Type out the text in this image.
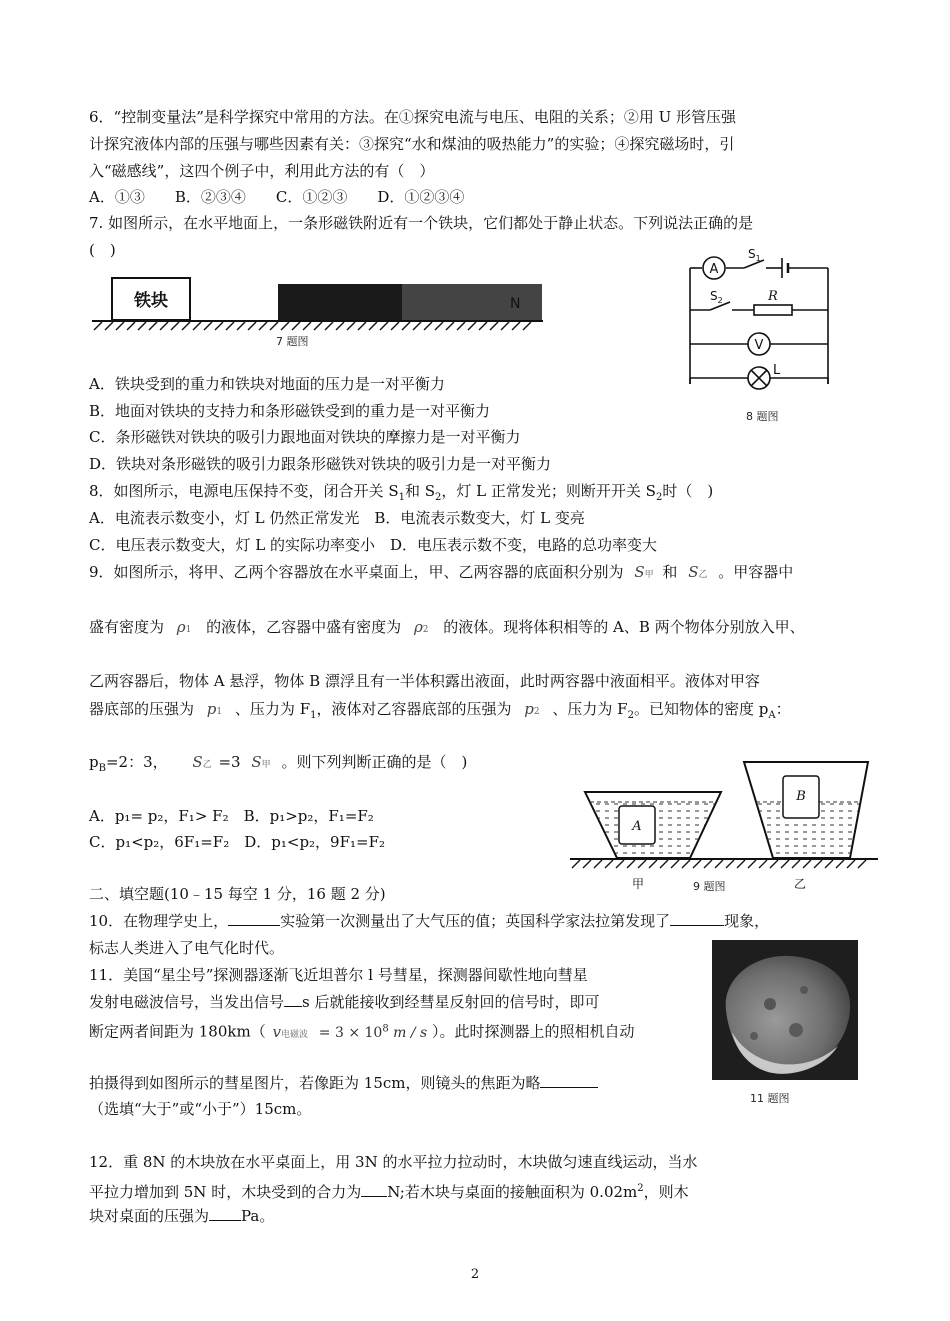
6．“控制变量法”是科学探究中常用的方法。在①探究电流与电压、电阻的关系；②用 U 形管压强
计探究液体内部的压强与哪些因素有关：③探究“水和煤油的吸热能力”的实验；④探究磁场时，引
入“磁感线”，这四个例子中，利用此方法的有（　）
A．①③　　B．②③④　　C．①②③　　D．①②③④
7. 如图所示，在水平地面上，一条形磁铁附近有一个铁块，它们都处于静止状态。下列说法正确的是
(　)
铁块	N
7 题图
A．铁块受到的重力和铁块对地面的压力是一对平衡力
B．地面对铁块的支持力和条形磁铁受到的重力是一对平衡力
C．条形磁铁对铁块的吸引力跟地面对铁块的摩擦力是一对平衡力
D．铁块对条形磁铁的吸引力跟条形磁铁对铁块的吸引力是一对平衡力
A
V
$S_1$
$S_2$	R
L
8 题图
8．如图所示，电源电压保持不变，闭合开关 $S_1$和 $S_2$，灯 L 正常发光；则断开开关 $S_2$时（　)
A．电流表示数变小，灯 L 仍然正常发光　B．电流表示数变大，灯 L 变亮
C．电压表示数变大，灯 L 的实际功率变小　D．电压表示数不变，电路的总功率变大
9．如图所示，将甲、乙两个容器放在水平桌面上，甲、乙两容器的底面积分别为 S甲 和 S乙 。甲容器中
盛有密度为 ρ1 的液体，乙容器中盛有密度为 ρ2 的液体。现将体积相等的 A、B 两个物体分别放入甲、
乙两容器后，物体 A 悬浮，物体 B 漂浮且有一半体积露出液面，此时两容器中液面相平。液体对甲容
器底部的压强为 p1 、压力为 $F_1$，液体对乙容器底部的压强为 p2 、压力为 $F_2$。已知物体的密度 $p_A$：
$p_B=2$：3， S乙 =3 S甲 。则下列判断正确的是（　)
A．p₁= p₂，F₁> F₂　B．p₁>p₂，F₁=F₂
C．p₁<p₂，6F₁=F₂　D．p₁<p₂，9F₁=F₂
A
B
甲	9 题图	乙
二、填空题(10﹣15 每空 1 分，16 题 2 分)
10．在物理学史上，	实验第一次测量出了大气压的值；英国科学家法拉第发现了	现象，
标志人类进入了电气化时代。
11 题图
11．美国“星尘号”探测器逐渐飞近坦普尔 l 号彗星，探测器间歇性地向彗星
发射电磁波信号，当发出信号 s 后就能接收到经彗星反射回的信号时，即可
断定两者间距为 180km（ v电磁波 = $3 \times 10^8$ m / s ）。此时探测器上的照相机自动
拍摄得到如图所示的彗星图片，若像距为 15cm，则镜头的焦距为略
（选填“大于”或“小于”）15cm。
12．重 8N 的木块放在水平桌面上，用 3N 的水平拉力拉动时，木块做匀速直线运动，当水
平拉力增加到 5N 时，木块受到的合力为 N;若木块与桌面的接触面积为 $0.02m^2$，则木
块对桌面的压强为 Pa。
2
